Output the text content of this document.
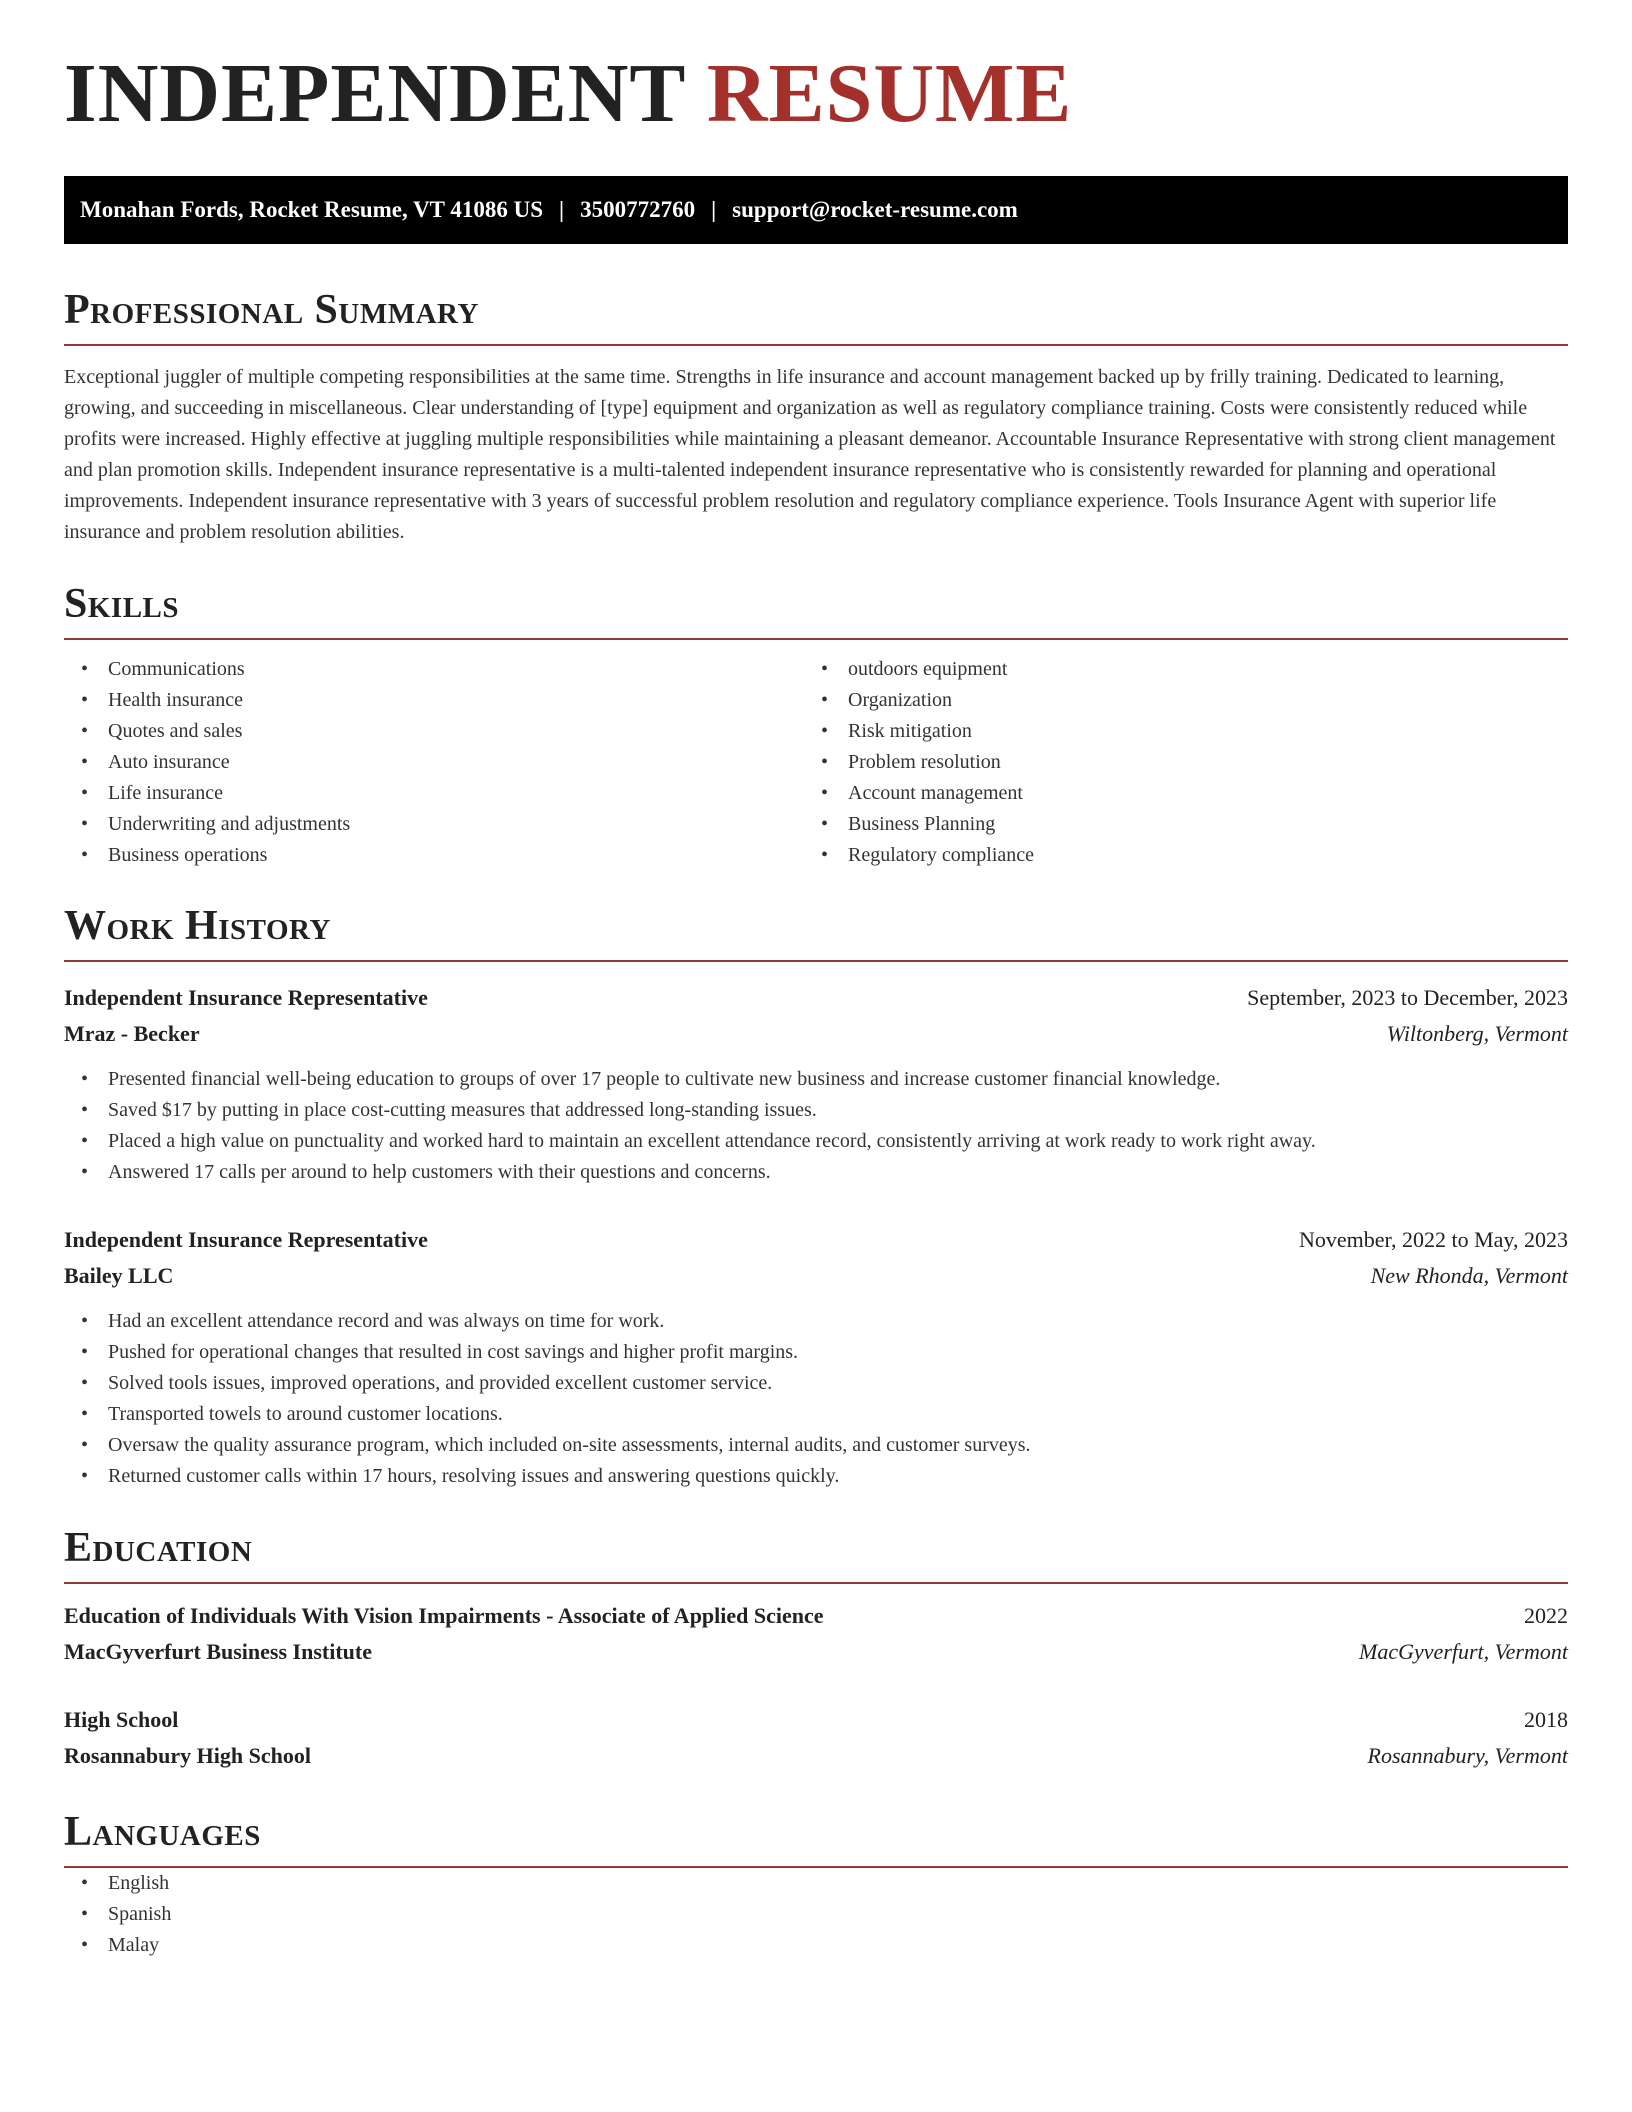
INDEPENDENT RESUME
Monahan Fords, Rocket Resume, VT 41086 US | 3500772760 | support@rocket-resume.com
Professional Summary
Exceptional juggler of multiple competing responsibilities at the same time. Strengths in life insurance and account management backed up by frilly training. Dedicated to learning, growing, and succeeding in miscellaneous. Clear understanding of [type] equipment and organization as well as regulatory compliance training. Costs were consistently reduced while profits were increased. Highly effective at juggling multiple responsibilities while maintaining a pleasant demeanor. Accountable Insurance Representative with strong client management and plan promotion skills. Independent insurance representative is a multi-talented independent insurance representative who is consistently rewarded for planning and operational improvements. Independent insurance representative with 3 years of successful problem resolution and regulatory compliance experience. Tools Insurance Agent with superior life insurance and problem resolution abilities.
Skills
• Communications
• Health insurance
• Quotes and sales
• Auto insurance
• Life insurance
• Underwriting and adjustments
• Business operations
• outdoors equipment
• Organization
• Risk mitigation
• Problem resolution
• Account management
• Business Planning
• Regulatory compliance
Work History
Independent Insurance Representative	September, 2023 to December, 2023
Mraz - Becker	Wiltonberg, Vermont
• Presented financial well-being education to groups of over 17 people to cultivate new business and increase customer financial knowledge.
• Saved $17 by putting in place cost-cutting measures that addressed long-standing issues.
• Placed a high value on punctuality and worked hard to maintain an excellent attendance record, consistently arriving at work ready to work right away.
• Answered 17 calls per around to help customers with their questions and concerns.
Independent Insurance Representative	November, 2022 to May, 2023
Bailey LLC	New Rhonda, Vermont
• Had an excellent attendance record and was always on time for work.
• Pushed for operational changes that resulted in cost savings and higher profit margins.
• Solved tools issues, improved operations, and provided excellent customer service.
• Transported towels to around customer locations.
• Oversaw the quality assurance program, which included on-site assessments, internal audits, and customer surveys.
• Returned customer calls within 17 hours, resolving issues and answering questions quickly.
Education
Education of Individuals With Vision Impairments - Associate of Applied Science	2022
MacGyverfurt Business Institute	MacGyverfurt, Vermont
High School	2018
Rosannabury High School	Rosannabury, Vermont
Languages
• English
• Spanish
• Malay
